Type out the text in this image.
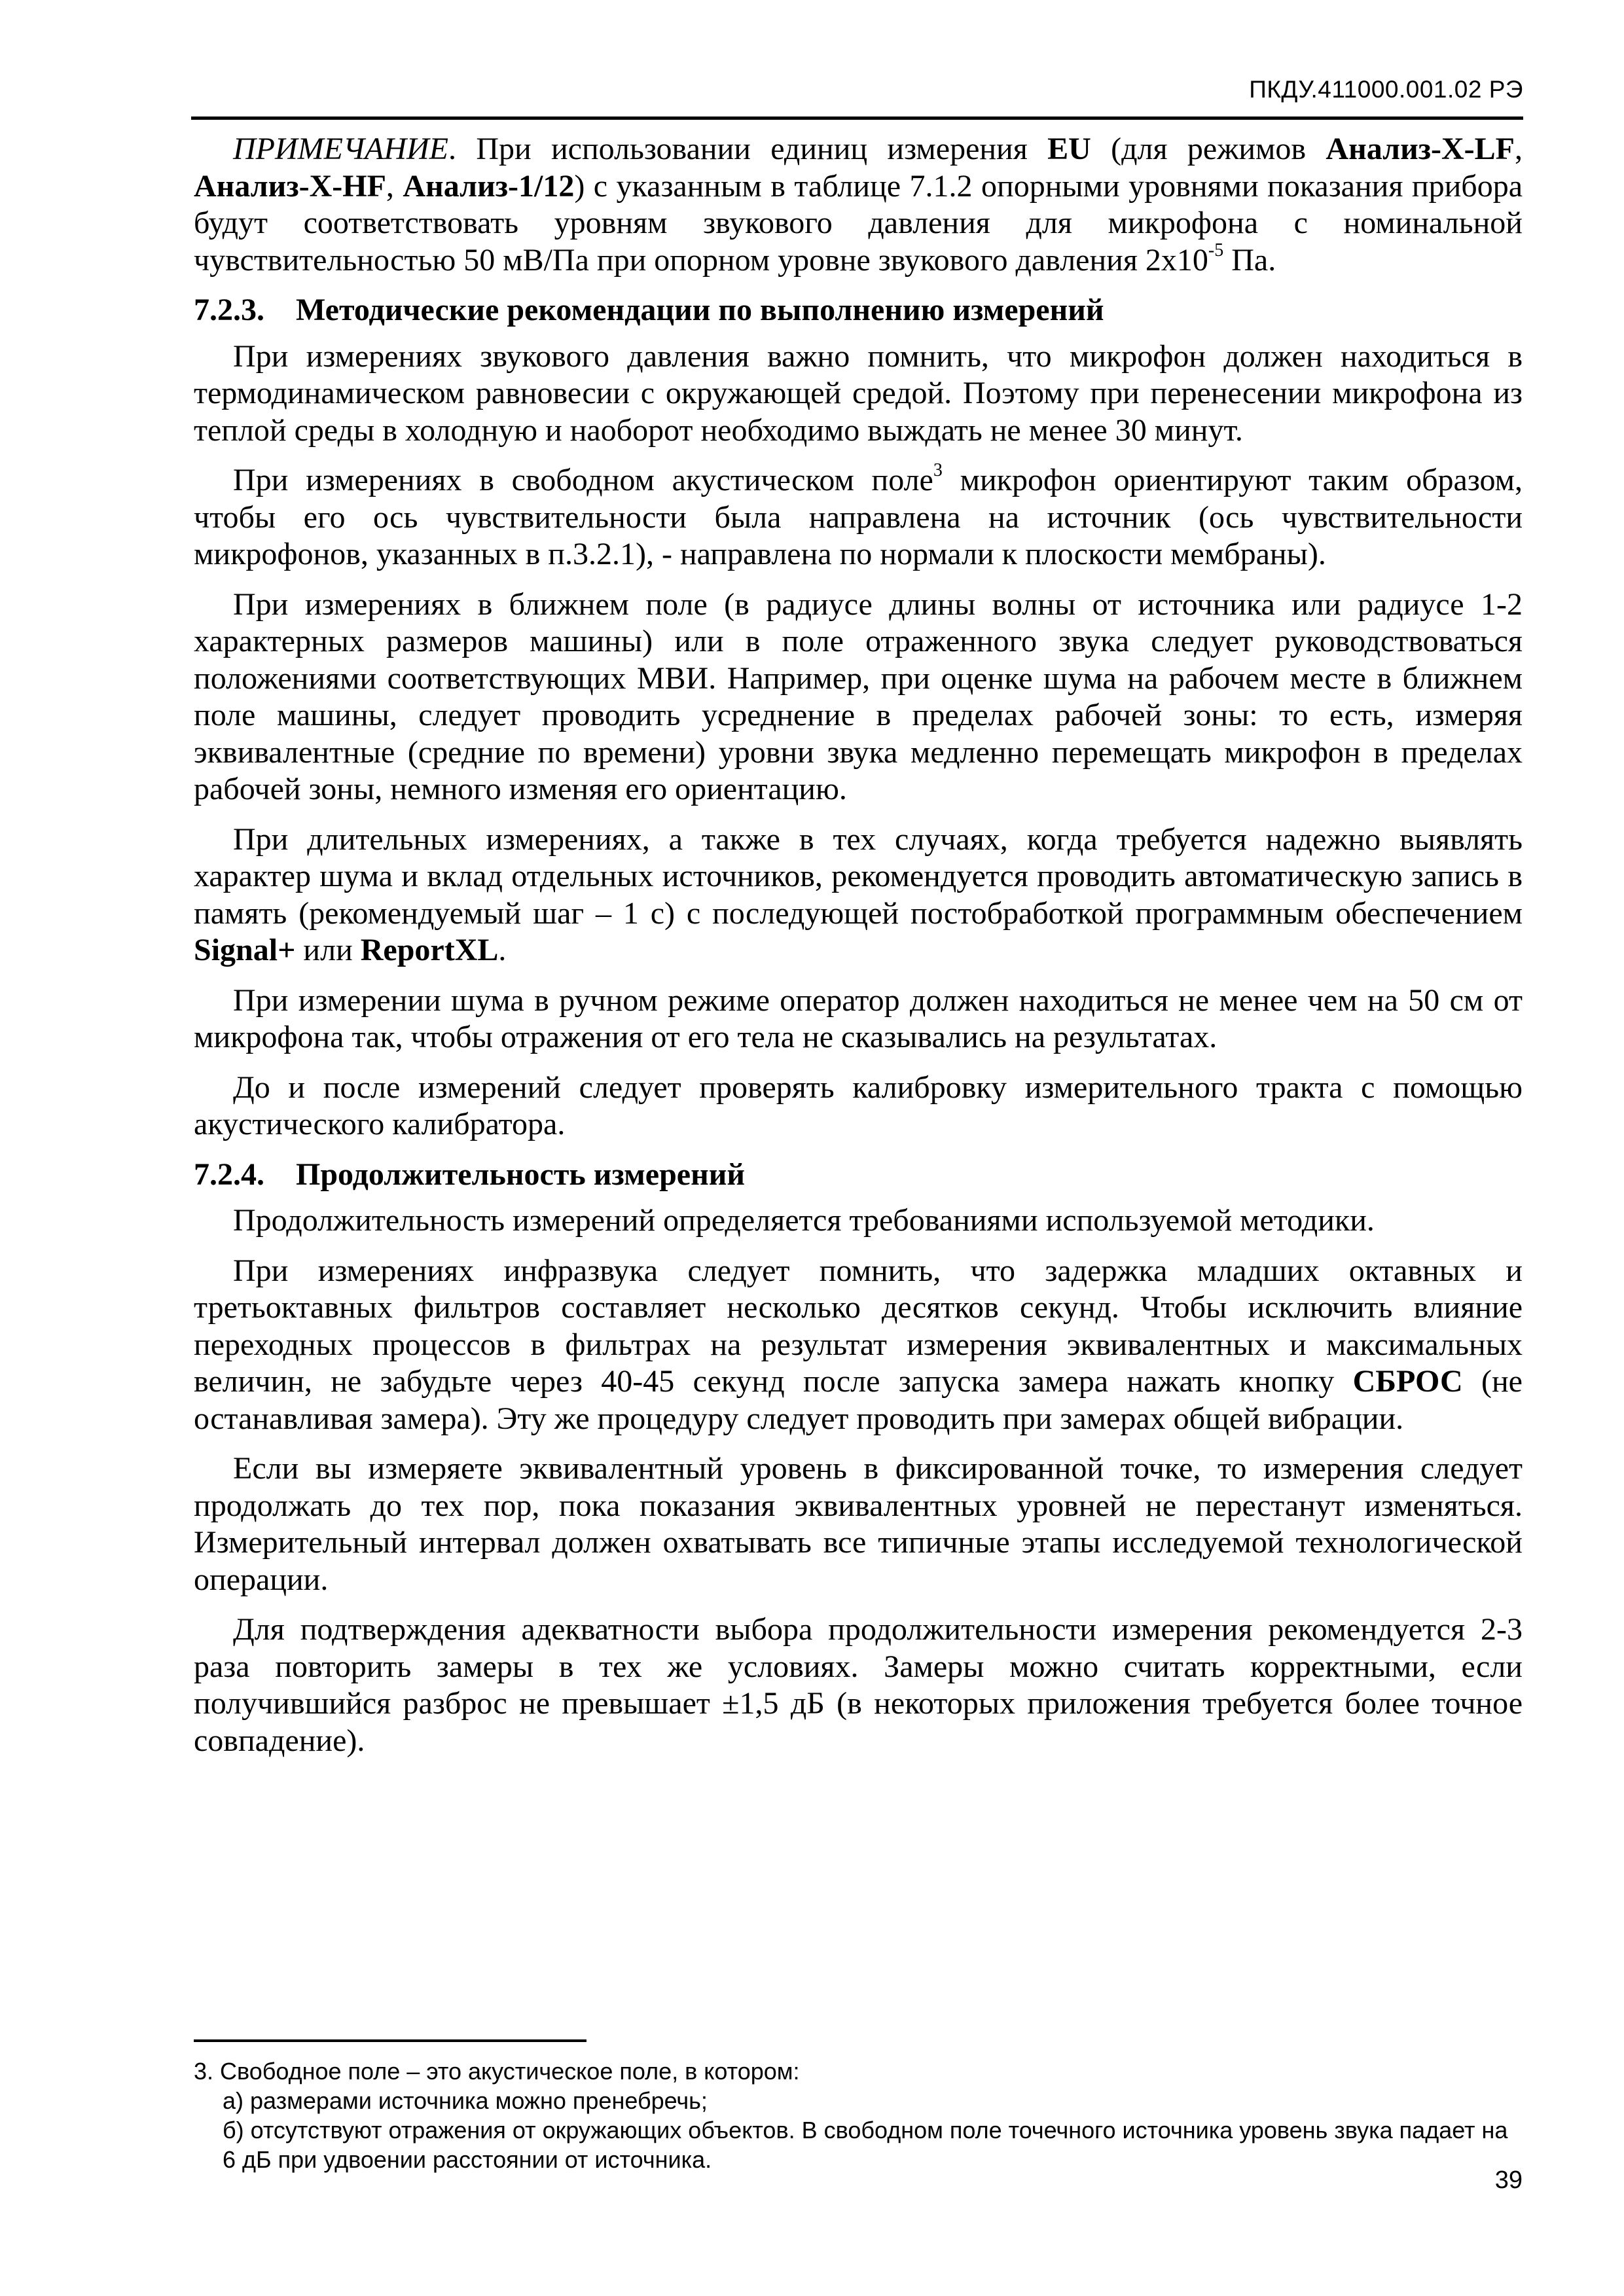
ПКДУ.411000.001.02 РЭ

ПРИМЕЧАНИЕ. При использовании единиц измерения EU (для режимов Анализ-X-LF, Анализ-X-HF, Анализ-1/12) с указанным в таблице 7.1.2 опорными уровнями показания прибора будут соответствовать уровням звукового давления для микрофона с номинальной чувствительностью 50 мВ/Па при опорном уровне звукового давления $2x10^{-5}$ Па.

7.2.3. Методические рекомендации по выполнению измерений

При измерениях звукового давления важно помнить, что микрофон должен находиться в термодинамическом равновесии с окружающей средой. Поэтому при перенесении микрофона из теплой среды в холодную и наоборот необходимо выждать не менее 30 минут.

При измерениях в свободном акустическом поле$^3$ микрофон ориентируют таким образом, чтобы его ось чувствительности была направлена на источник (ось чувствительности микрофонов, указанных в п.3.2.1), - направлена по нормали к плоскости мембраны).

При измерениях в ближнем поле (в радиусе длины волны от источника или радиусе 1-2 характерных размеров машины) или в поле отраженного звука следует руководствоваться положениями соответствующих МВИ. Например, при оценке шума на рабочем месте в ближнем поле машины, следует проводить усреднение в пределах рабочей зоны: то есть, измеряя эквивалентные (средние по времени) уровни звука медленно перемещать микрофон в пределах рабочей зоны, немного изменяя его ориентацию.

При длительных измерениях, а также в тех случаях, когда требуется надежно выявлять характер шума и вклад отдельных источников, рекомендуется проводить автоматическую запись в память (рекомендуемый шаг – 1 с) с последующей постобработкой программным обеспечением Signal+ или ReportXL.

При измерении шума в ручном режиме оператор должен находиться не менее чем на 50 см от микрофона так, чтобы отражения от его тела не сказывались на результатах.

До и после измерений следует проверять калибровку измерительного тракта с помощью акустического калибратора.

7.2.4. Продолжительность измерений

Продолжительность измерений определяется требованиями используемой методики.

При измерениях инфразвука следует помнить, что задержка младших октавных и третьоктавных фильтров составляет несколько десятков секунд. Чтобы исключить влияние переходных процессов в фильтрах на результат измерения эквивалентных и максимальных величин, не забудьте через 40-45 секунд после запуска замера нажать кнопку СБРОС (не останавливая замера). Эту же процедуру следует проводить при замерах общей вибрации.

Если вы измеряете эквивалентный уровень в фиксированной точке, то измерения следует продолжать до тех пор, пока показания эквивалентных уровней не перестанут изменяться. Измерительный интервал должен охватывать все типичные этапы исследуемой технологической операции.

Для подтверждения адекватности выбора продолжительности измерения рекомендуется 2-3 раза повторить замеры в тех же условиях. Замеры можно считать корректными, если получившийся разброс не превышает ±1,5 дБ (в некоторых приложения требуется более точное совпадение).

3. Свободное поле – это акустическое поле, в котором:
а) размерами источника можно пренебречь;
б) отсутствуют отражения от окружающих объектов. В свободном поле точечного источника уровень звука падает на 6 дБ при удвоении расстоянии от источника.
39
